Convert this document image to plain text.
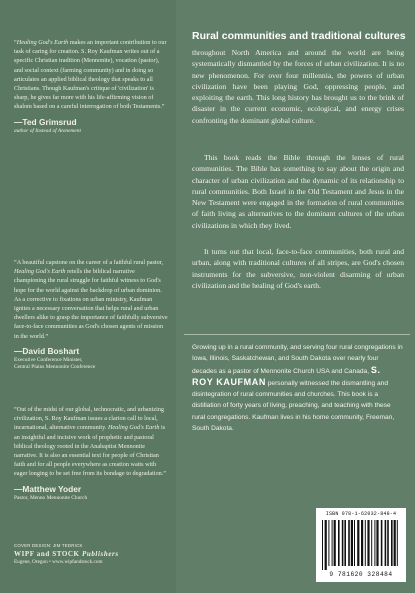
“Healing God's Earth makes an important contribution to our task of caring for creation. S. Roy Kaufman writes out of a specific Christian tradition (Mennonite), vocation (pastor), and social context (farming community) and in doing so articulates an applied biblical theology that speaks to all Christians. Though Kaufman's critique of 'civilization' is sharp, he gives far more with his life-affirming vision of shalom based on a careful interrogation of both Testaments.”
—Ted Grimsrud
author of Instead of Atonement
“A beautiful capstone on the career of a faithful rural pastor, Healing God's Earth retells the biblical narrative championing the rural struggle for faithful witness to God's hope for the world against the backdrop of urban dominion. As a corrective to fixations on urban ministry, Kaufman ignites a necessary conversation that helps rural and urban dwellers alike to grasp the importance of faithfully subversive face-to-face communities as God's chosen agents of mission in the world.”
—David Boshart
Executive Conference Minister,
Central Plains Mennonite Conference
“Out of the midst of our global, technocratic, and urbanizing civilization, S. Roy Kaufman issues a clarion call to local, incarnational, alternative community. Healing God's Earth is an insightful and incisive work of prophetic and pastoral biblical theology rooted in the Anabaptist Mennonite narrative. It is also an essential text for people of Christian faith and for all people everywhere as creation waits with eager longing to be set free from its bondage to degradation.”
—Matthew Yoder
Pastor, Menno Mennonite Church
COVER DESIGN: JIM TEDRICK
WIPF and STOCK Publishers
Eugene, Oregon • www.wipfandstock.com
Rural communities and traditional cultures

throughout North America and around the world are being systematically dismantled by the forces of urban civilization. It is no new phenomenon. For over four millennia, the powers of urban civilization have been playing God, oppressing people, and exploiting the earth. This long history has brought us to the brink of disaster in the current economic, ecological, and energy crises confronting the dominant global culture.

This book reads the Bible through the lenses of rural communities. The Bible has something to say about the origin and character of urban civilization and the dynamic of its relationship to rural communities. Both Israel in the Old Testament and Jesus in the New Testament were engaged in the formation of rural communities of faith living as alternatives to the dominant cultures of the urban civilizations in which they lived.

It turns out that local, face-to-face communities, both rural and urban, along with traditional cultures of all stripes, are God's chosen instruments for the subversive, non-violent disarming of urban civilization and the healing of God's earth.

Growing up in a rural community, and serving four rural congregations in Iowa, Illinois, Saskatchewan, and South Dakota over nearly four decades as a pastor of Mennonite Church USA and Canada, S. ROY KAUFMAN personally witnessed the dismantling and disintegration of rural communities and churches. This book is a distillation of forty years of living, preaching, and teaching with these rural congregations. Kaufman lives in his home community, Freeman, South Dakota.

ISBN 978-1-62032-848-4
9 781620 328484
